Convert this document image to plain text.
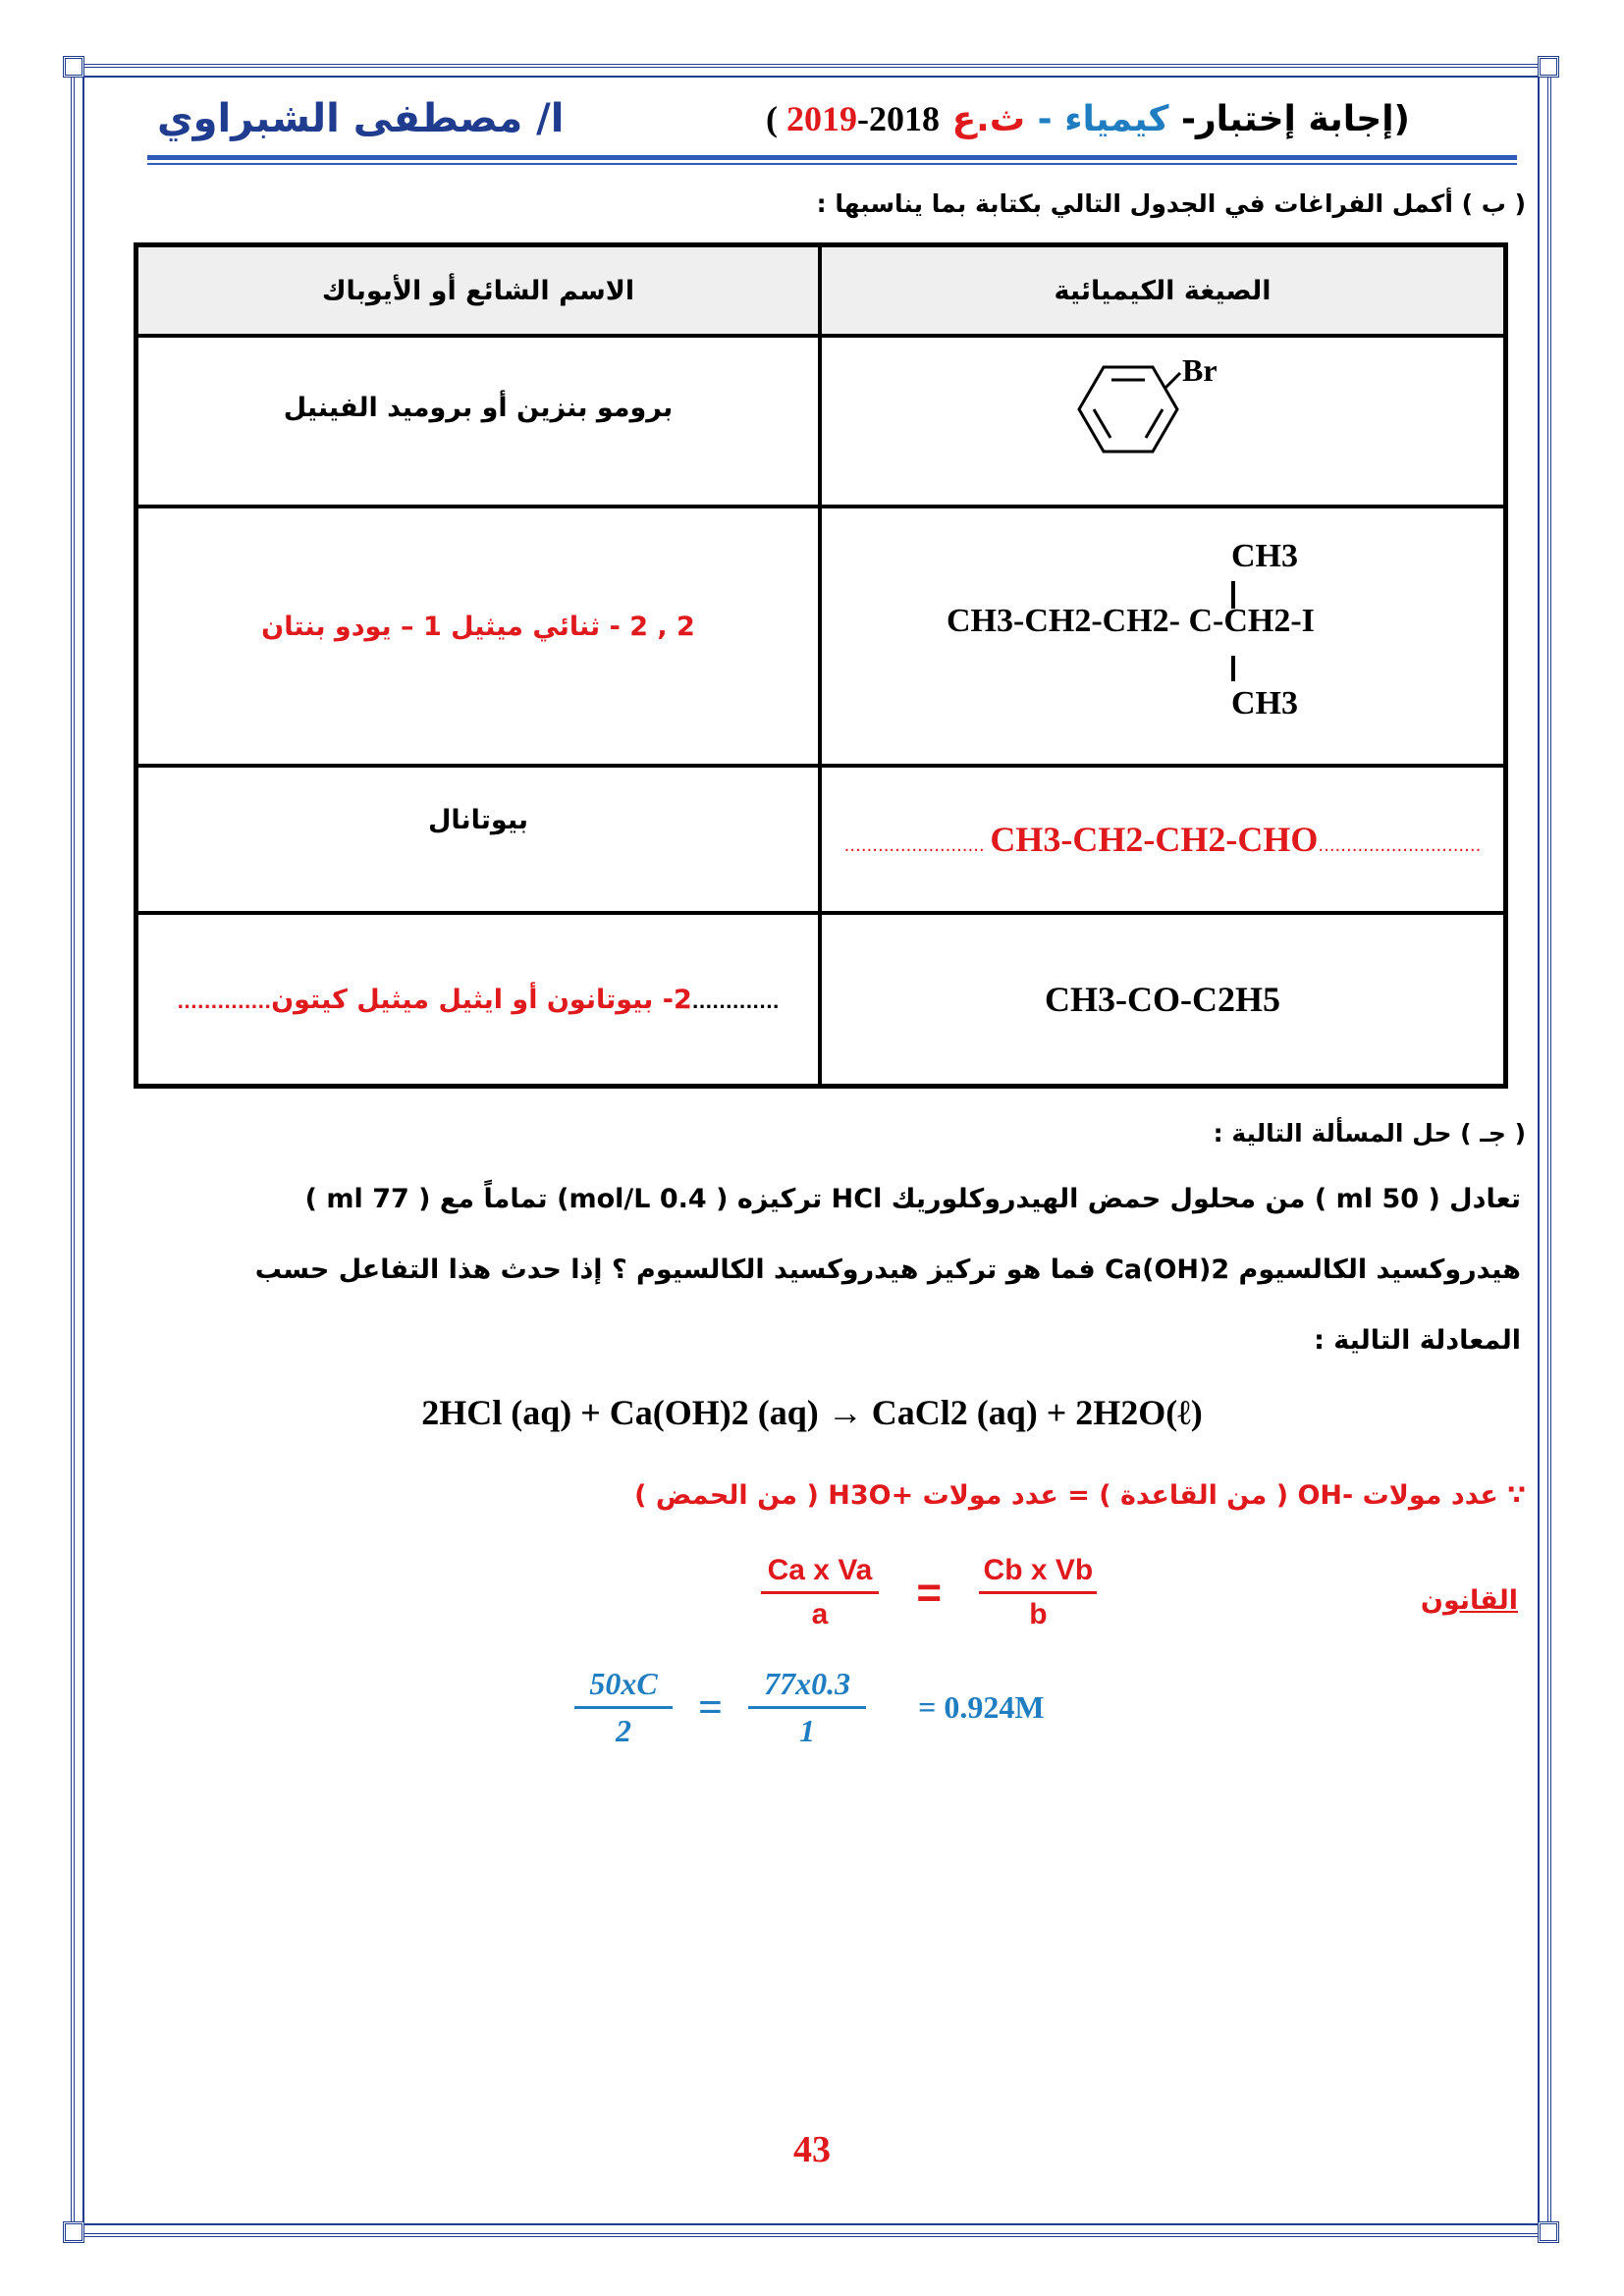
ا/ مصطفى الشبراوي	(إجابة إختبار- كيمياء - ث.ع ( 2019-2018
( ب ) أكمل الفراغات في الجدول التالي بكتابة بما يناسبها :
الاسم الشائع أو الأيوباك	الصيغة الكيميائية
برومو بنزين أو بروميد الفينيل	Br

2 , 2 - ثنائي ميثيل 1 – يودو بنتان	CH3
CH3-CH2-CH2- C-CH2-I
CH3

بيوتانال	......................... CH3-CH2-CH2-CHO.............................
..............2- بيوتانون أو ايثيل ميثيل كيتون.............	CH3-CO-C2H5
( جـ ) حل المسألة التالية :
تعادل ( 50 ml ) من محلول حمض الهيدروكلوريك HCl تركيزه ( 0.4 mol/L) تماماً مع ( 77 ml )
هيدروكسيد الكالسيوم Ca(OH)2 فما هو تركيز هيدروكسيد الكالسيوم ؟ إذا حدث هذا التفاعل حسب
المعادلة التالية :
2HCl (aq) + Ca(OH)2 (aq) → CaCl2 (aq) + 2H2O(ℓ)
∵ عدد مولات -OH ( من القاعدة ) = عدد مولات +H3O ( من الحمض )
القانون
$\frac{\text{Ca x Va}}{a} = \frac{\text{Cb x Vb}}{b}$
$\frac{50xC}{2} = \frac{77x0.3}{1} = 0.924M$
43
